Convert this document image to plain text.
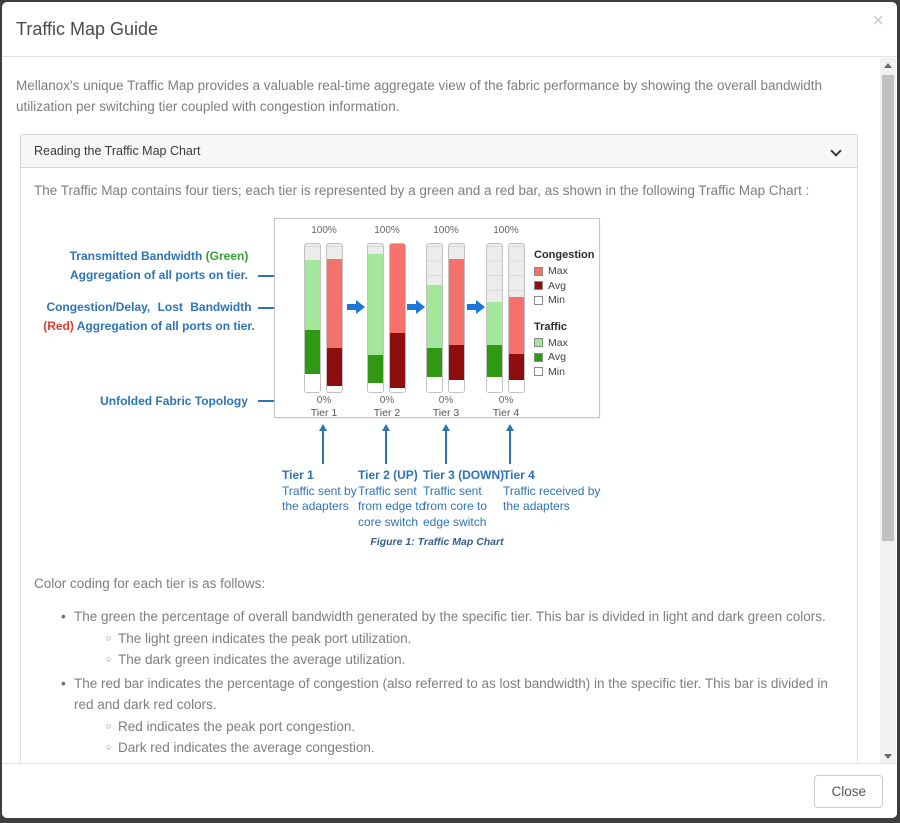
Traffic Map Guide	×

Mellanox's unique Traffic Map provides a valuable real-time aggregate view of the fabric performance by showing the overall bandwidth utilization per switching tier coupled with congestion information.

Reading the Traffic Map Chart

The Traffic Map contains four tiers; each tier is represented by a green and a red bar, as shown in the following Traffic Map Chart :

Transmitted Bandwidth (Green)
Aggregation of all ports on tier.
Congestion/Delay, Lost Bandwidth
(Red) Aggregation of all ports on tier.
Unfolded Fabric Topology
Congestion
Max
Avg
Min
Traffic
Max
Avg
Min
100%
0%
Tier 1
100%
0%
Tier 2
100%
0%
Tier 3
100%
0%
Tier 4
Tier 1
Traffic sent by
the adapters
Tier 2 (UP)
Traffic sent
from edge to
core switch
Tier 3 (DOWN)
Traffic sent
from core to
edge switch
Tier 4
Traffic received by
the adapters
Figure 1: Traffic Map Chart

Color coding for each tier is as follows:

• The green the percentage of overall bandwidth generated by the specific tier. This bar is divided in light and dark green colors.
○ The light green indicates the peak port utilization.
○ The dark green indicates the average utilization.
• The red bar indicates the percentage of congestion (also referred to as lost bandwidth) in the specific tier. This bar is divided in red and dark red colors.
○ Red indicates the peak port congestion.
○ Dark red indicates the average congestion.
Close
